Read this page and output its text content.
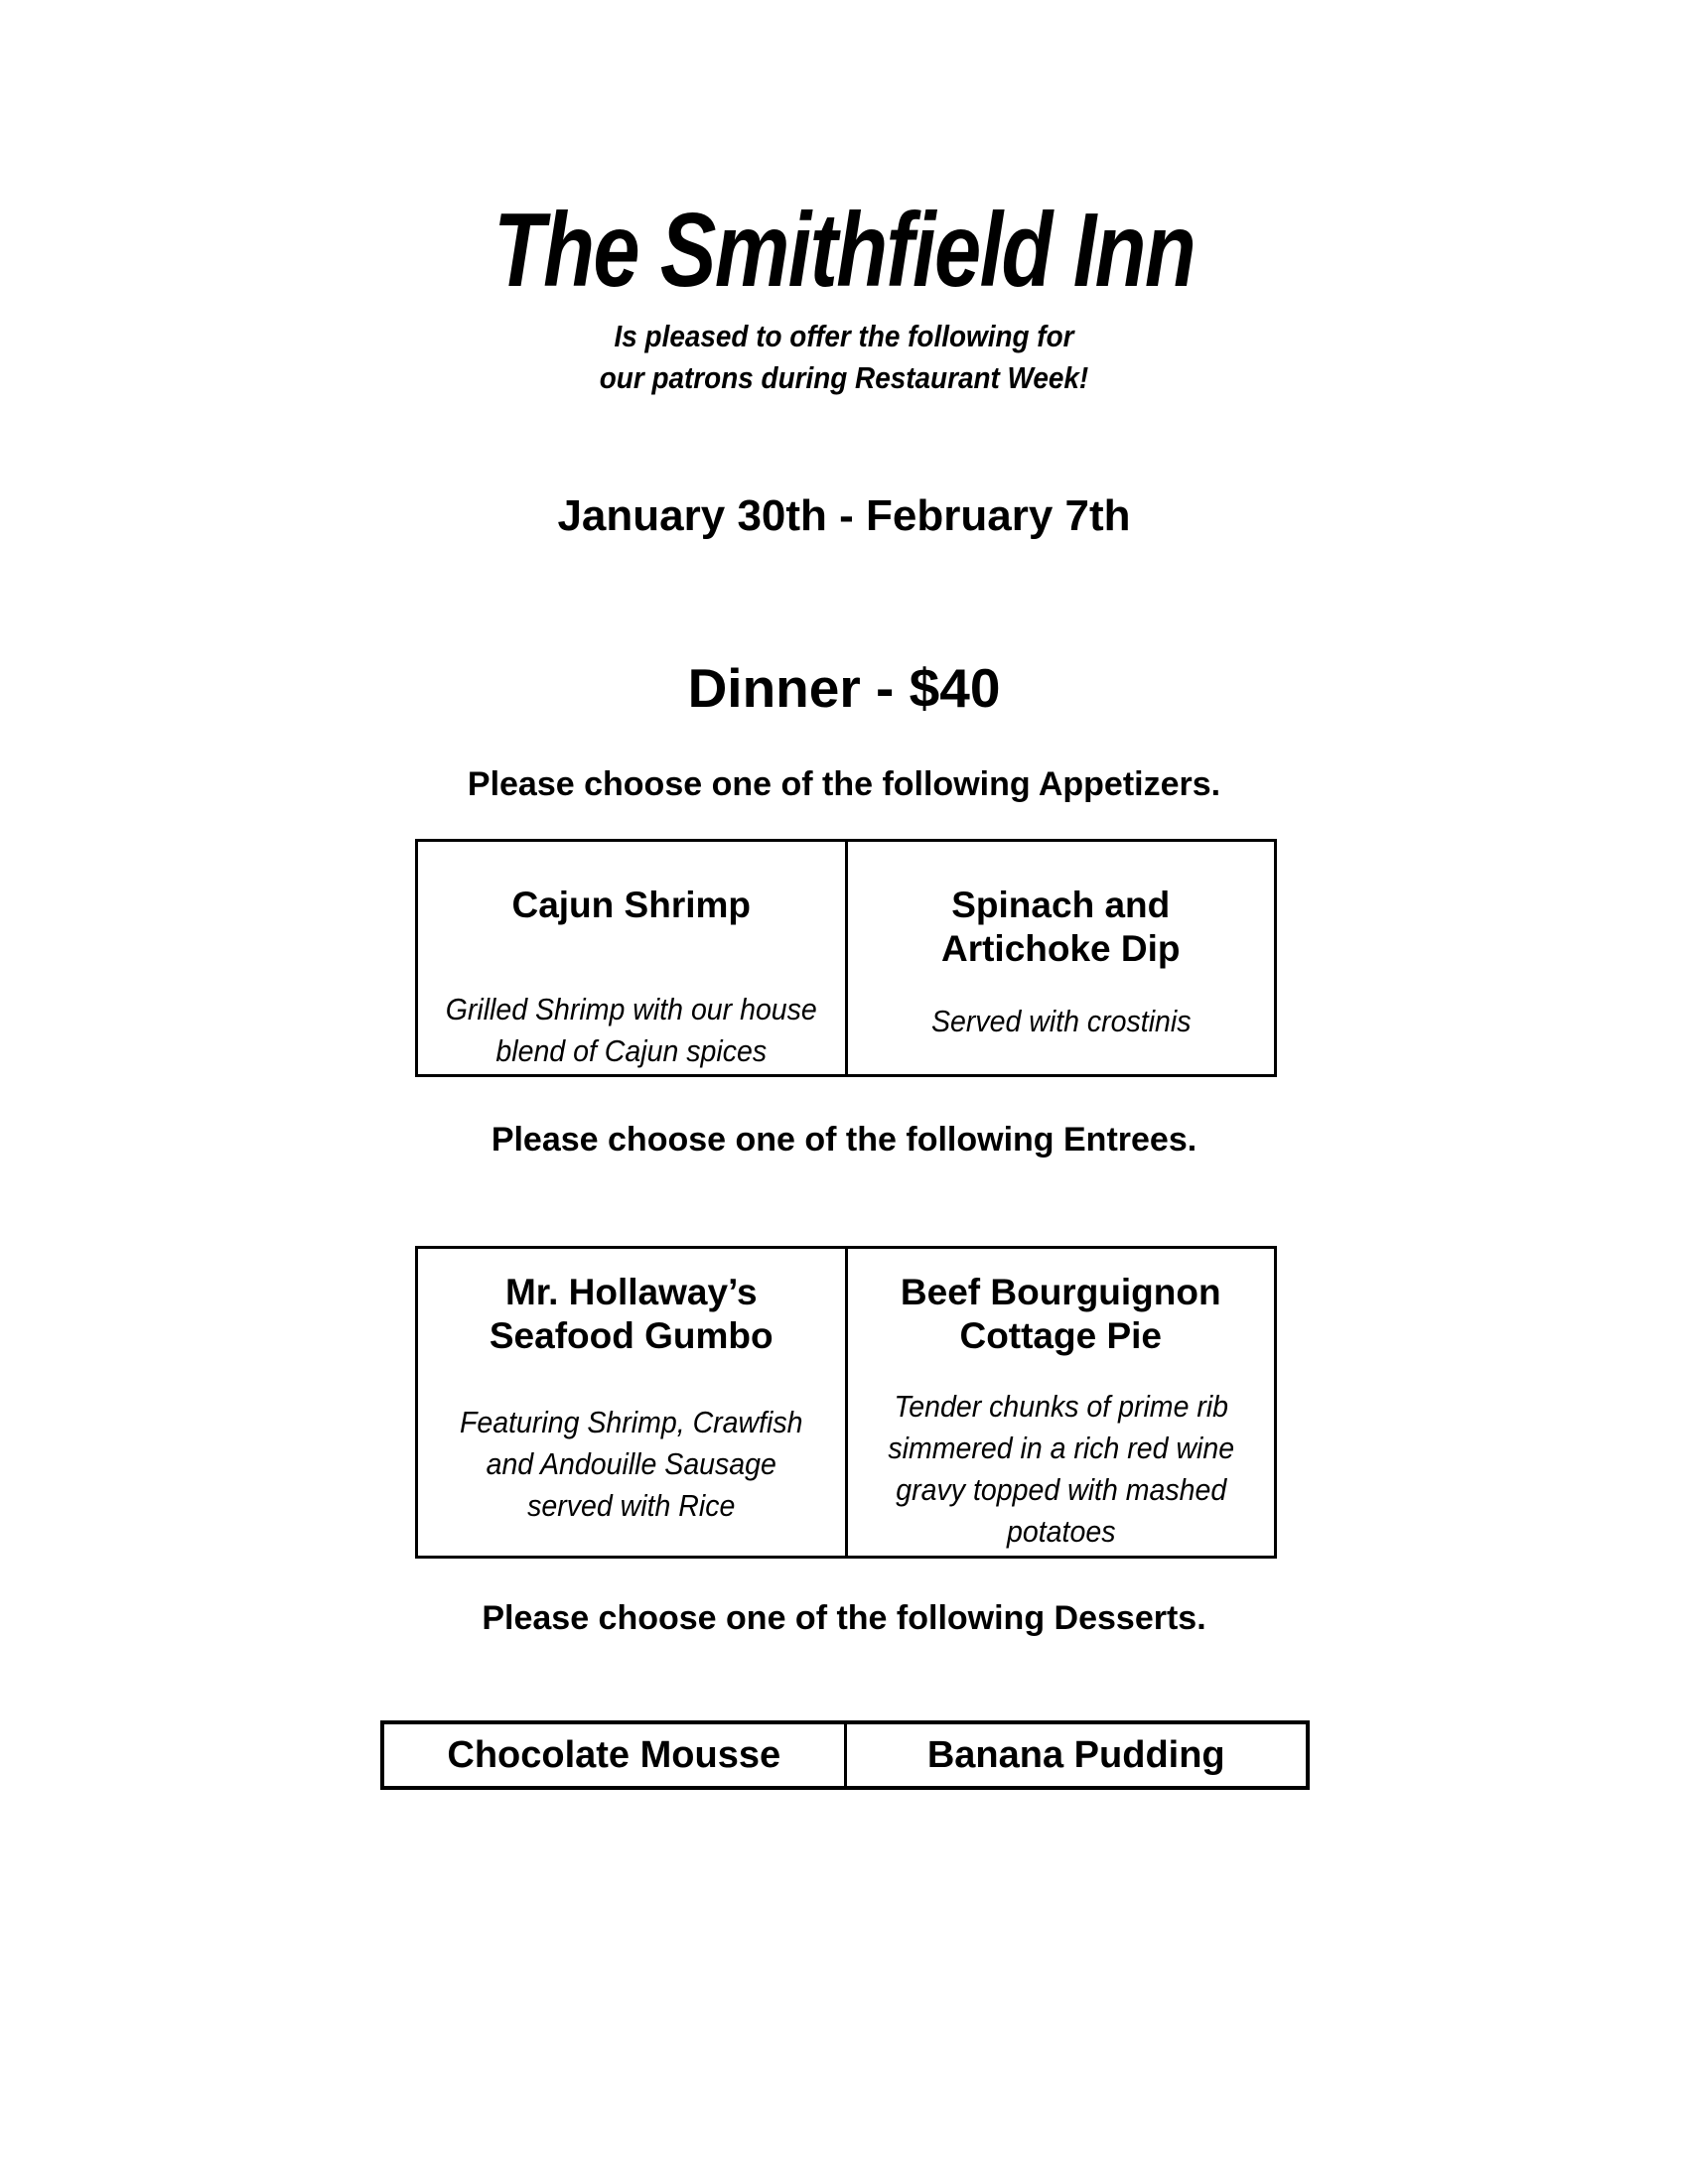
The Smithfield Inn
Is pleased to offer the following for
our patrons during Restaurant Week!
January 30th - February 7th
Dinner - $40
Please choose one of the following Appetizers.
Cajun Shrimp
Grilled Shrimp with our house
blend of Cajun spices
Spinach and
Artichoke Dip
Served with crostinis
Please choose one of the following Entrees.
Mr. Hollaway’s
Seafood Gumbo
Featuring Shrimp, Crawfish
and Andouille Sausage
served with Rice
Beef Bourguignon
Cottage Pie
Tender chunks of prime rib
simmered in a rich red wine
gravy topped with mashed
potatoes
Please choose one of the following Desserts.
Chocolate Mousse	Banana Pudding
